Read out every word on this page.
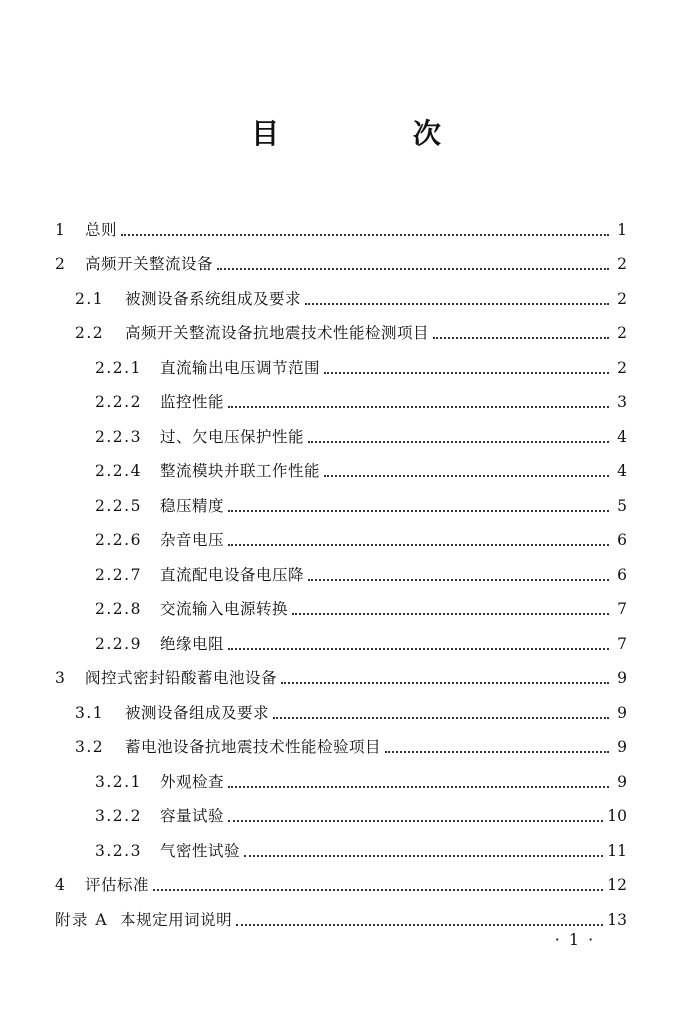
目 次
1	总则	1
2	高频开关整流设备	2
2.1	被测设备系统组成及要求	2
2.2	高频开关整流设备抗地震技术性能检测项目	2
2.2.1	直流输出电压调节范围	2
2.2.2	监控性能	3
2.2.3	过、欠电压保护性能	4
2.2.4	整流模块并联工作性能	4
2.2.5	稳压精度	5
2.2.6	杂音电压	6
2.2.7	直流配电设备电压降	6
2.2.8	交流输入电源转换	7
2.2.9	绝缘电阻	7
3	阀控式密封铅酸蓄电池设备	9
3.1	被测设备组成及要求	9
3.2	蓄电池设备抗地震技术性能检验项目	9
3.2.1	外观检查	9
3.2.2	容量试验	10
3.2.3	气密性试验	11
4	评估标准	12
附录 A 本规定用词说明	13
· 1 ·
